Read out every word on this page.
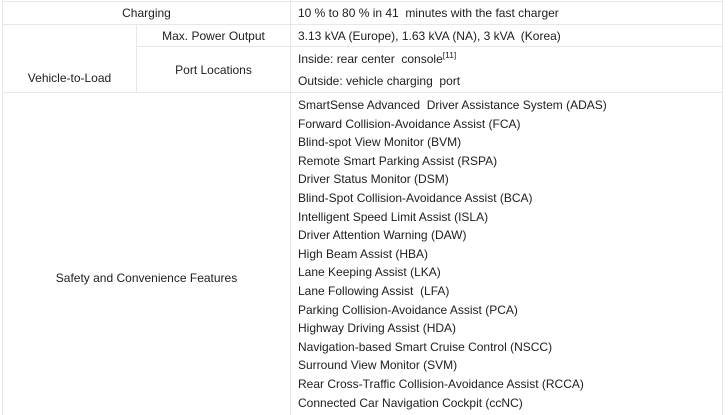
Charging	10 % to 80 % in 41  minutes with the fast charger
Vehicle-to-Load
Max. Power Output	3.13 kVA (Europe), 1.63 kVA (NA), 3 kVA  (Korea)
Port Locations
Inside: rear center  console[11]
Outside: vehicle charging  port
Safety and Convenience Features
SmartSense Advanced  Driver Assistance System (ADAS)
Forward Collision-Avoidance Assist (FCA)
Blind-spot View Monitor (BVM)
Remote Smart Parking Assist (RSPA)
Driver Status Monitor (DSM)
Blind-Spot Collision-Avoidance Assist (BCA)
Intelligent Speed Limit Assist (ISLA)
Driver Attention Warning (DAW)
High Beam Assist (HBA)
Lane Keeping Assist (LKA)
Lane Following Assist  (LFA)
Parking Collision-Avoidance Assist (PCA)
Highway Driving Assist (HDA)
Navigation-based Smart Cruise Control (NSCC)
Surround View Monitor (SVM)
Rear Cross-Traffic Collision-Avoidance Assist (RCCA)
Connected Car Navigation Cockpit (ccNC)
